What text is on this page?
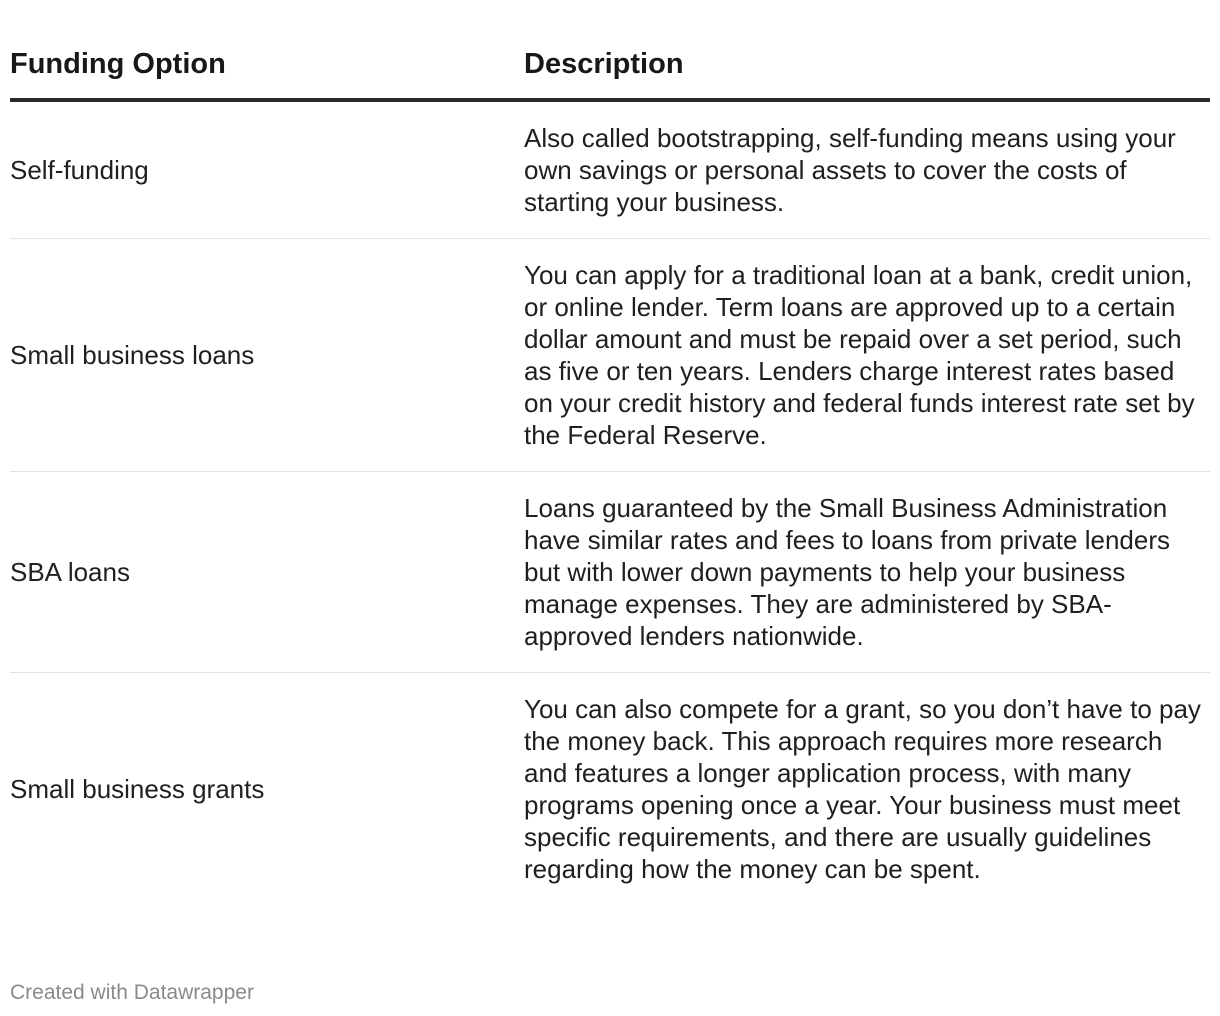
Funding Option	Description
Self-funding	Also called bootstrapping, self-funding means using your own savings or personal assets to cover the costs of starting your business.
Small business loans	You can apply for a traditional loan at a bank, credit union, or online lender. Term loans are approved up to a certain dollar amount and must be repaid over a set period, such as five or ten years. Lenders charge interest rates based on your credit history and federal funds interest rate set by the Federal Reserve.
SBA loans	Loans guaranteed by the Small Business Administration have similar rates and fees to loans from private lenders but with lower down payments to help your business manage expenses. They are administered by SBA-approved lenders nationwide.
Small business grants	You can also compete for a grant, so you don’t have to pay the money back. This approach requires more research and features a longer application process, with many programs opening once a year. Your business must meet specific requirements, and there are usually guidelines regarding how the money can be spent.
Created with Datawrapper
